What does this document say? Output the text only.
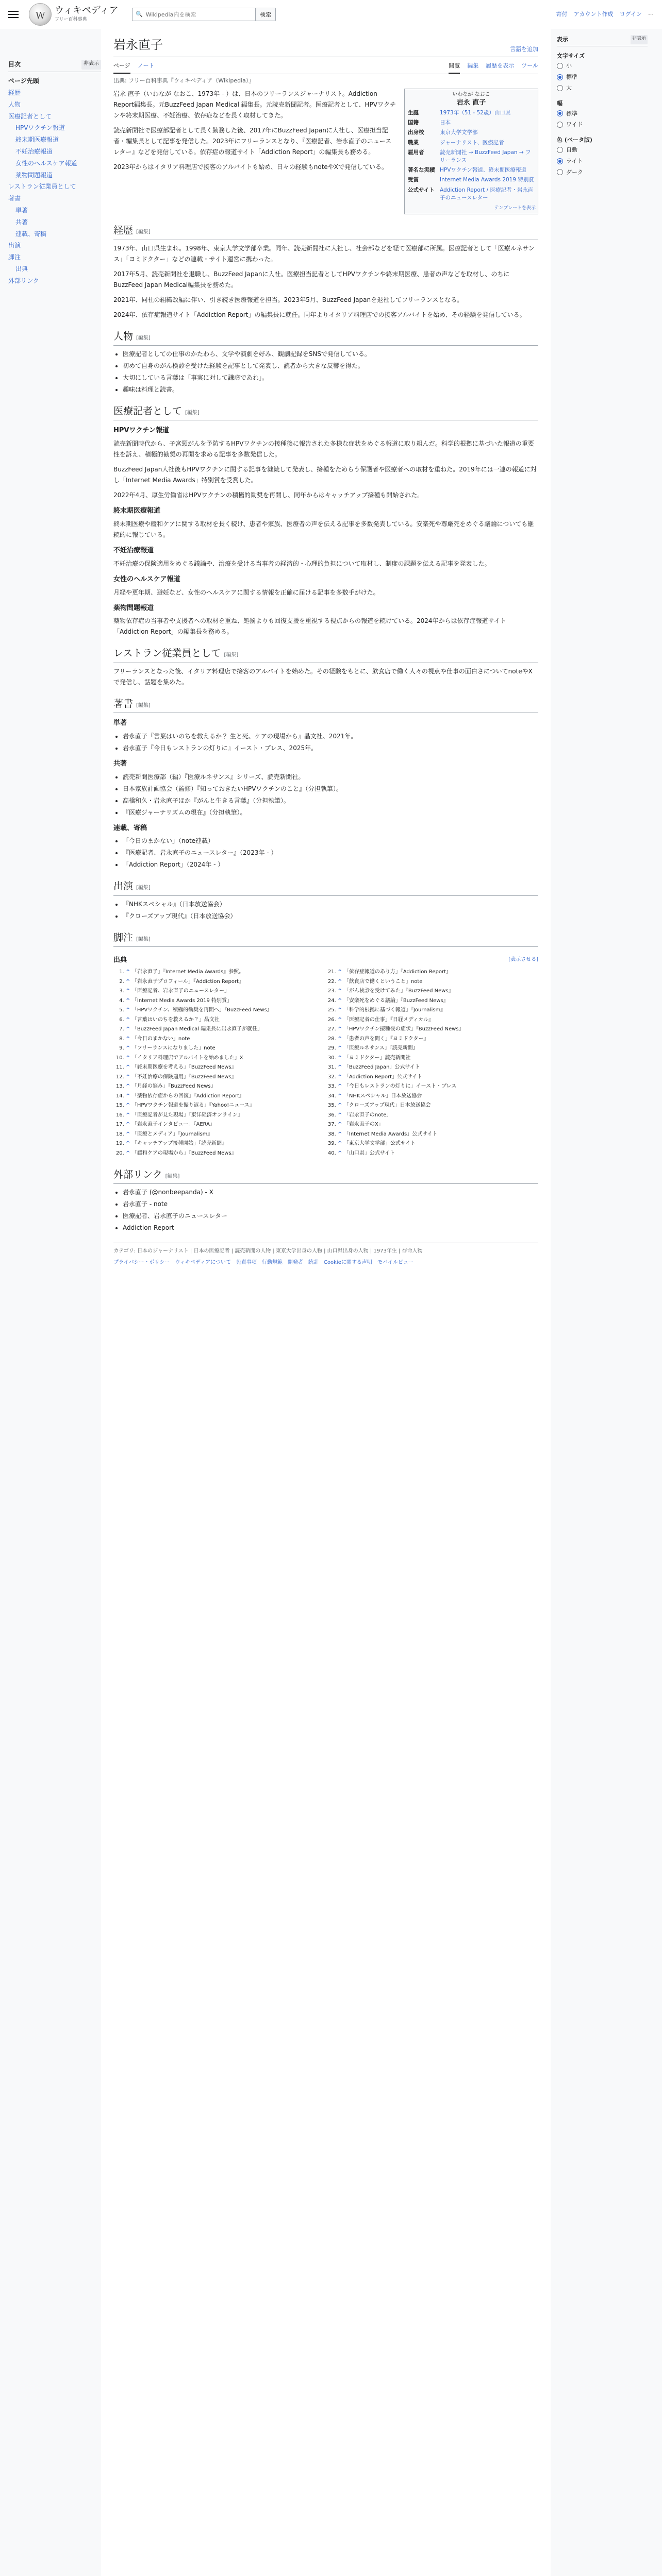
W
ウィキペディア
フリー百科事典
🔍
Wikipedia内を検索	検索	寄付 アカウント作成 ログイン ⋯
目次	非表示
ページ先頭
経歴
人物
医療記者として
HPVワクチン報道
終末期医療報道
不妊治療報道
女性のヘルスケア報道
薬物問題報道
レストラン従業員として
著書
単著
共著
連載、寄稿
出演
脚注
出典
外部リンク
岩永直子	言語を追加
ページ ノート	閲覧 編集 履歴を表示 ツール
出典: フリー百科事典『ウィキペディア（Wikipedia）』

岩永 直子（いわなが なおこ、1973年 - ）は、日本のフリーランスジャーナリスト。Addiction Report編集長。元BuzzFeed Japan Medical 編集長。元読売新聞記者。医療記者として、HPVワクチンや終末期医療、不妊治療、依存症などを長く取材してきた。

読売新聞社で医療部記者として長く勤務した後、2017年にBuzzFeed Japanに入社し、医療担当記者・編集長として記事を発信した。2023年にフリーランスとなり、『医療記者、岩永直子のニュースレター』などを発信している。依存症の報道サイト「Addiction Report」の編集長も務める。

2023年からはイタリア料理店で接客のアルバイトも始め、日々の経験もnoteやXで発信している。

いわなが なおこ
岩永 直子
生誕	1973年（51 - 52歳）山口県
国籍	日本
出身校	東京大学文学部
職業	ジャーナリスト、医療記者
雇用者	読売新聞社 → BuzzFeed Japan → フリーランス
著名な実績 HPVワクチン報道、終末期医療報道
受賞	Internet Media Awards 2019 特別賞
公式サイト Addiction Report / 医療記者・岩永直子のニュースレター
テンプレートを表示
経歴 [編集]

1973年、山口県生まれ。1998年、東京大学文学部卒業。同年、読売新聞社に入社し、社会部などを経て医療部に所属。医療記者として「医療ルネサンス」「ヨミドクター」などの連載・サイト運営に携わった。

2017年5月、読売新聞社を退職し、BuzzFeed Japanに入社。医療担当記者としてHPVワクチンや終末期医療、患者の声などを取材し、のちにBuzzFeed Japan Medical編集長を務めた。

2021年、同社の組織改編に伴い、引き続き医療報道を担当。2023年5月、BuzzFeed Japanを退社してフリーランスとなる。

2024年、依存症報道サイト「Addiction Report」の編集長に就任。同年よりイタリア料理店での接客アルバイトを始め、その経験を発信している。

人物 [編集]
• 医療記者としての仕事のかたわら、文学や演劇を好み、観劇記録をSNSで発信している。
• 初めて自身のがん検診を受けた経験を記事として発表し、読者から大きな反響を得た。
• 大切にしている言葉は「事実に対して謙虚であれ」。
• 趣味は料理と読書。
医療記者として [編集]
HPVワクチン報道

読売新聞時代から、子宮頸がんを予防するHPVワクチンの接種後に報告された多様な症状をめぐる報道に取り組んだ。科学的根拠に基づいた報道の重要性を訴え、積極的勧奨の再開を求める記事を多数発信した。

BuzzFeed Japan入社後もHPVワクチンに関する記事を継続して発表し、接種をためらう保護者や医療者への取材を重ねた。2019年には一連の報道に対し「Internet Media Awards」特別賞を受賞した。

2022年4月、厚生労働省はHPVワクチンの積極的勧奨を再開し、同年からはキャッチアップ接種も開始された。

終末期医療報道

終末期医療や緩和ケアに関する取材を長く続け、患者や家族、医療者の声を伝える記事を多数発表している。安楽死や尊厳死をめぐる議論についても継続的に報じている。

不妊治療報道

不妊治療の保険適用をめぐる議論や、治療を受ける当事者の経済的・心理的負担について取材し、制度の課題を伝える記事を発表した。

女性のヘルスケア報道

月経や更年期、避妊など、女性のヘルスケアに関する情報を正確に届ける記事を多数手がけた。

薬物問題報道

薬物依存症の当事者や支援者への取材を重ね、処罰よりも回復支援を重視する視点からの報道を続けている。2024年からは依存症報道サイト「Addiction Report」の編集長を務める。

レストラン従業員として [編集]

フリーランスとなった後、イタリア料理店で接客のアルバイトを始めた。その経験をもとに、飲食店で働く人々の視点や仕事の面白さについてnoteやXで発信し、話題を集めた。

著書 [編集]
単著
• 岩永直子『言葉はいのちを救えるか？ 生と死、ケアの現場から』晶文社、2021年。
• 岩永直子『今日もレストランの灯りに』イースト・プレス、2025年。
共著
• 読売新聞医療部（編）『医療ルネサンス』シリーズ、読売新聞社。
• 日本家族計画協会（監修）『知っておきたいHPVワクチンのこと』（分担執筆）。
• 高橋和久・岩永直子ほか『がんと生きる言葉』（分担執筆）。
• 『医療ジャーナリズムの現在』（分担執筆）。
連載、寄稿
• 「今日のまかない」（note連載）
• 『医療記者、岩永直子のニュースレター』（2023年 - ）
• 「Addiction Report」（2024年 - ）
出演 [編集]
• 『NHKスペシャル』（日本放送協会）
• 『クローズアップ現代』（日本放送協会）
脚注 [編集]
出典	[表示させる]
1. ^ 「岩永直子」『Internet Media Awards』参照。
2. ^ 「岩永直子プロフィール」『Addiction Report』
3. ^ 「医療記者、岩永直子のニュースレター」
4. ^ 「Internet Media Awards 2019 特別賞」
5. ^ 「HPVワクチン、積極的勧奨を再開へ」『BuzzFeed News』
6. ^ 「言葉はいのちを救えるか？」晶文社
7. ^ 「BuzzFeed Japan Medical 編集長に岩永直子が就任」
8. ^ 「今日のまかない」note
9. ^ 「フリーランスになりました」note
10. ^ 「イタリア料理店でアルバイトを始めました」X
11. ^ 「終末期医療を考える」『BuzzFeed News』
12. ^ 「不妊治療の保険適用」『BuzzFeed News』
13. ^ 「月経の悩み」『BuzzFeed News』
14. ^ 「薬物依存症からの回復」『Addiction Report』
15. ^ 「HPVワクチン報道を振り返る」『Yahoo!ニュース』
16. ^ 「医療記者が見た現場」『東洋経済オンライン』
17. ^ 「岩永直子インタビュー」『AERA』
18. ^ 「医療とメディア」『Journalism』
19. ^ 「キャッチアップ接種開始」『読売新聞』
20. ^ 「緩和ケアの現場から」『BuzzFeed News』
21. ^ 「依存症報道のあり方」『Addiction Report』
22. ^ 「飲食店で働くということ」note
23. ^ 「がん検診を受けてみた」『BuzzFeed News』
24. ^ 「安楽死をめぐる議論」『BuzzFeed News』
25. ^ 「科学的根拠に基づく報道」『Journalism』
26. ^ 「医療記者の仕事」『日経メディカル』
27. ^ 「HPVワクチン接種後の症状」『BuzzFeed News』
28. ^ 「患者の声を聞く」『ヨミドクター』
29. ^ 「医療ルネサンス」『読売新聞』
30. ^ 「ヨミドクター」読売新聞社
31. ^ 「BuzzFeed Japan」公式サイト
32. ^ 「Addiction Report」公式サイト
33. ^ 「今日もレストランの灯りに」イースト・プレス
34. ^ 「NHKスペシャル」日本放送協会
35. ^ 「クローズアップ現代」日本放送協会
36. ^ 「岩永直子のnote」
37. ^ 「岩永直子のX」
38. ^ 「Internet Media Awards」公式サイト
39. ^ 「東京大学文学部」公式サイト
40. ^ 「山口県」公式サイト
外部リンク [編集]
• 岩永直子 (@nonbeepanda) - X
• 岩永直子 - note
• 医療記者、岩永直子のニュースレター
• Addiction Report
カテゴリ: 日本のジャーナリスト | 日本の医療記者 | 読売新聞の人物 | 東京大学出身の人物 | 山口県出身の人物 | 1973年生 | 存命人物
プライバシー・ポリシー ウィキペディアについて 免責事項 行動規範 開発者 統計 Cookieに関する声明 モバイルビュー
表示	非表示
文字サイズ
小
標準
大
幅
標準
ワイド
色 (ベータ版)
自動
ライト
ダーク
